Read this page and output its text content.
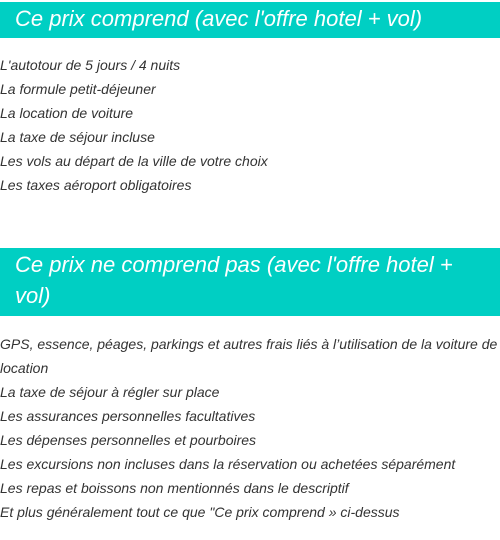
Ce prix comprend (avec l'offre hotel + vol)
L'autotour de 5 jours / 4 nuits
La formule petit-déjeuner
La location de voiture
La taxe de séjour incluse
Les vols au départ de la ville de votre choix
Les taxes aéroport obligatoires
Ce prix ne comprend pas (avec l'offre hotel + vol)
GPS, essence, péages, parkings et autres frais liés à l’utilisation de la voiture de location
La taxe de séjour à régler sur place
Les assurances personnelles facultatives
Les dépenses personnelles et pourboires
Les excursions non incluses dans la réservation ou achetées séparément
Les repas et boissons non mentionnés dans le descriptif
Et plus généralement tout ce que "Ce prix comprend » ci-dessus
